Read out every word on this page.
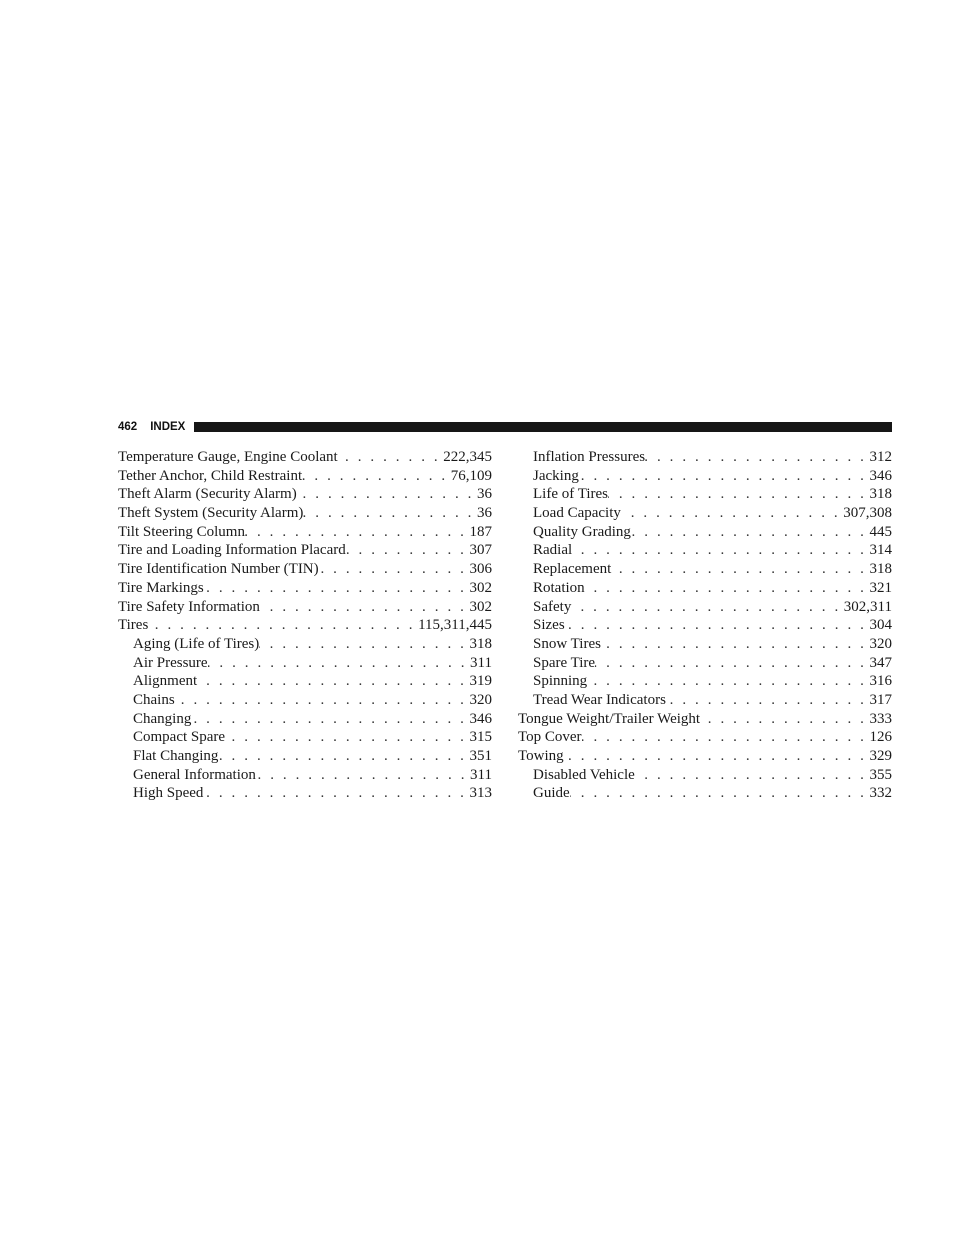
462 INDEX
Temperature Gauge, Engine Coolant . . .	222,345
Tether Anchor, Child Restraint . . .	76,109
Theft Alarm (Security Alarm) . . .	36
Theft System (Security Alarm) . . .	36
Tilt Steering Column . . .	187
Tire and Loading Information Placard . . .	307
Tire Identification Number (TIN) . . .	306
Tire Markings . . .	302
Tire Safety Information . . .	302
Tires . . .	115,311,445
Aging (Life of Tires) . . .	318
Air Pressure . . .	311
Alignment . . .	319
Chains . . .	320
Changing . . .	346
Compact Spare . . .	315
Flat Changing . . .	351
General Information . . .	311
High Speed . . .	313
Inflation Pressures . . .	312
Jacking . . .	346
Life of Tires . . .	318
Load Capacity . . .	307,308
Quality Grading . . .	445
Radial . . .	314
Replacement . . .	318
Rotation . . .	321
Safety . . .	302,311
Sizes . . .	304
Snow Tires . . .	320
Spare Tire . . .	347
Spinning . . .	316
Tread Wear Indicators . . .	317
Tongue Weight/Trailer Weight . . .	333
Top Cover . . .	126
Towing . . .	329
Disabled Vehicle . . .	355
Guide . . .	332
